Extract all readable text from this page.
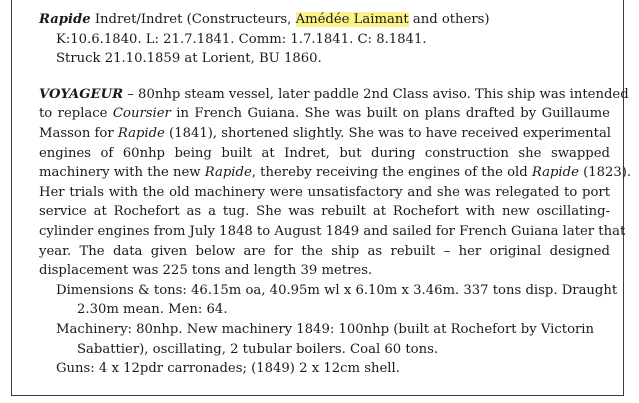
Rapide Indret/Indret (Constructeurs, Amédée Laimant and others)
K:10.6.1840. L: 21.7.1841. Comm: 1.7.1841. C: 8.1841.
Struck 21.10.1859 at Lorient, BU 1860.
VOYAGEUR – 80nhp steam vessel, later paddle 2nd Class aviso. This ship was intended
to replace Coursier in French Guiana. She was built on plans drafted by Guillaume
Masson for Rapide (1841), shortened slightly. She was to have received experimental
engines of 60nhp being built at Indret, but during construction she swapped
machinery with the new Rapide, thereby receiving the engines of the old Rapide (1823).
Her trials with the old machinery were unsatisfactory and she was relegated to port
service at Rochefort as a tug. She was rebuilt at Rochefort with new oscillating-
cylinder engines from July 1848 to August 1849 and sailed for French Guiana later that
year. The data given below are for the ship as rebuilt – her original designed
displacement was 225 tons and length 39 metres.
Dimensions & tons: 46.15m oa, 40.95m wl x 6.10m x 3.46m. 337 tons disp. Draught
2.30m mean. Men: 64.
Machinery: 80nhp. New machinery 1849: 100nhp (built at Rochefort by Victorin
Sabattier), oscillating, 2 tubular boilers. Coal 60 tons.
Guns: 4 x 12pdr carronades; (1849) 2 x 12cm shell.
